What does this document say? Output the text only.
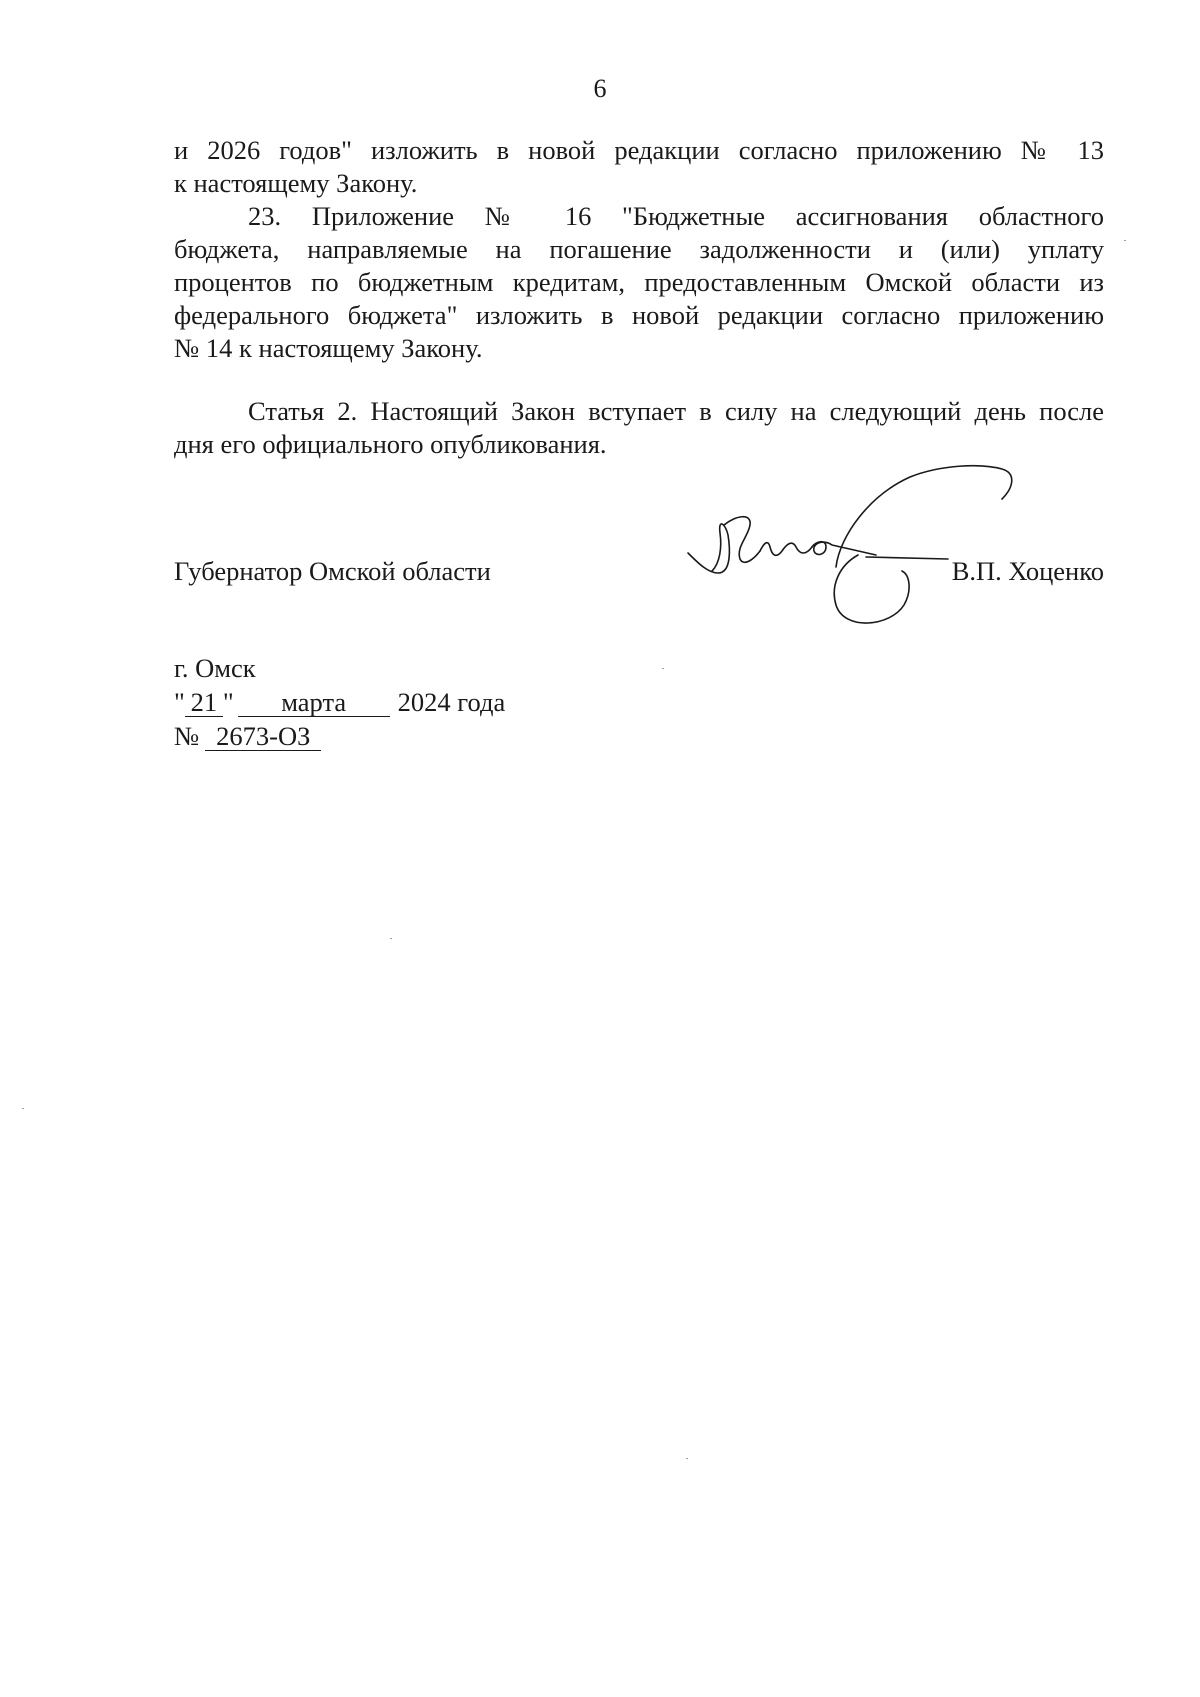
6
и 2026 годов" изложить в новой редакции согласно приложению № 13
к настоящему Закону.
23. Приложение № 16 "Бюджетные ассигнования областного
бюджета, направляемые на погашение задолженности и (или) уплату
процентов по бюджетным кредитам, предоставленным Омской области из
федерального бюджета" изложить в новой редакции согласно приложению
№ 14 к настоящему Закону.
Статья 2. Настоящий Закон вступает в силу на следующий день после
дня его официального опубликования.
Губернатор Омской области	В.П. Хоценко
г. Омск
" 21 " марта 2024 года
№ 2673-ОЗ
